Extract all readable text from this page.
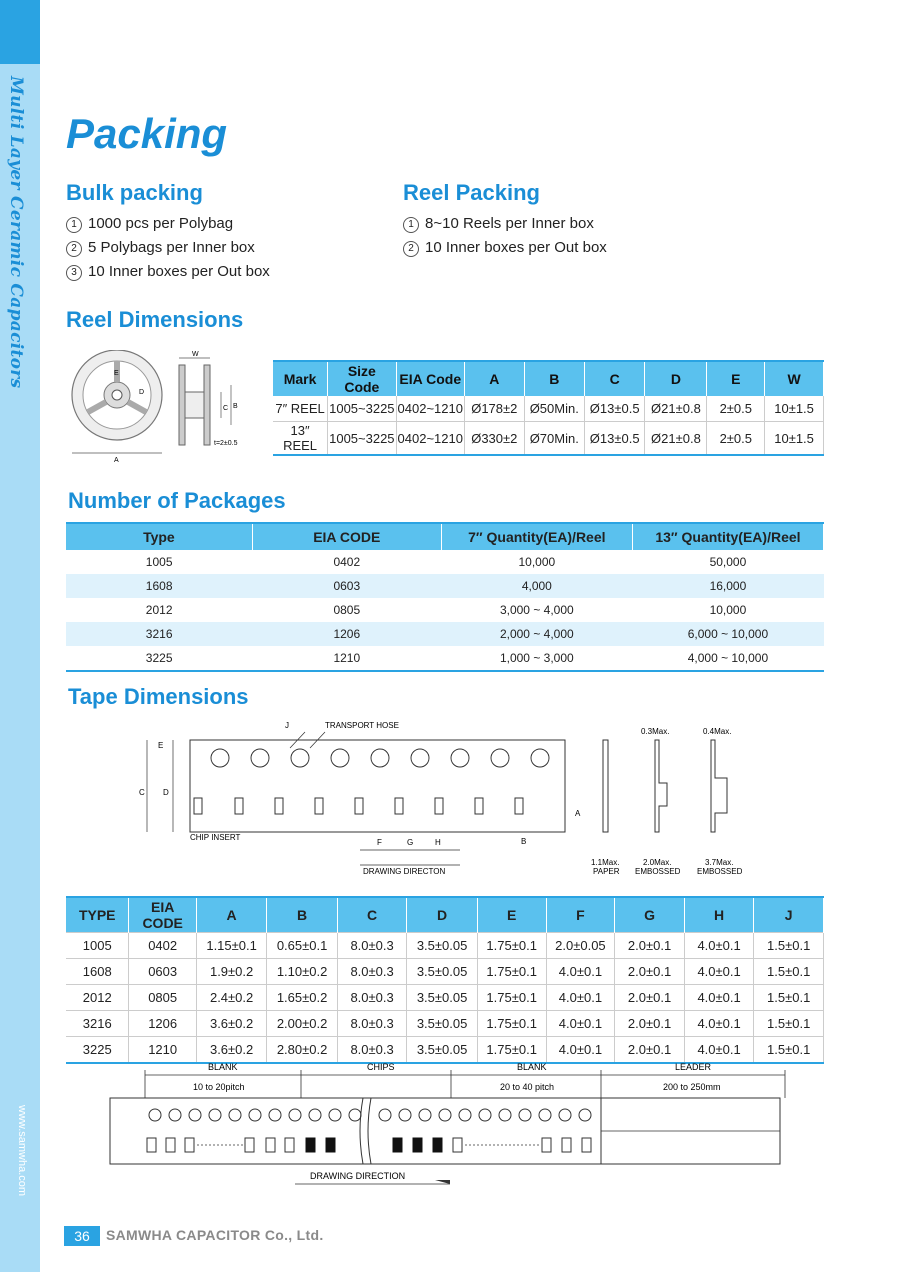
Multi Layer Ceramic Capacitors
www.samwha.com
Packing
Bulk packing
1 1000 pcs per Polybag
2 5 Polybags per Inner box
3 10 Inner boxes per Out box
Reel Packing
1 8~10 Reels per Inner box
2 10 Inner boxes per Out box
Reel Dimensions
E
D
A
W
C B
t=2±0.5
Mark	Size Code	EIA Code	A	B	C	D	E	W
7″ REEL	1005~3225	0402~1210	Ø178±2	Ø50Min.	Ø13±0.5	Ø21±0.8	2±0.5	10±1.5
13″ REEL	1005~3225	0402~1210	Ø330±2	Ø70Min.	Ø13±0.5	Ø21±0.8	2±0.5	10±1.5
Number of Packages
Type	EIA CODE	7″ Quantity(EA)/Reel	13″ Quantity(EA)/Reel
1005	0402	10,000	50,000
1608	0603	4,000	16,000
2012	0805	3,000 ~ 4,000	10,000
3216	1206	2,000 ~ 4,000	6,000 ~ 10,000
3225	1210	1,000 ~ 3,000	4,000 ~ 10,000
Tape Dimensions
J	TRANSPORT HOSE
E
C D
A
B
CHIP INSERT
F	G	H
DRAWING DIRECTON
1.1Max.
PAPER
0.3Max.
2.0Max.
EMBOSSED
0.4Max.
3.7Max.
EMBOSSED
TYPE	EIA CODE	A	B	C	D	E	F	G	H	J
1005	0402	1.15±0.1	0.65±0.1	8.0±0.3	3.5±0.05	1.75±0.1	2.0±0.05	2.0±0.1	4.0±0.1	1.5±0.1
1608	0603	1.9±0.2	1.10±0.2	8.0±0.3	3.5±0.05	1.75±0.1	4.0±0.1	2.0±0.1	4.0±0.1	1.5±0.1
2012	0805	2.4±0.2	1.65±0.2	8.0±0.3	3.5±0.05	1.75±0.1	4.0±0.1	2.0±0.1	4.0±0.1	1.5±0.1
3216	1206	3.6±0.2	2.00±0.2	8.0±0.3	3.5±0.05	1.75±0.1	4.0±0.1	2.0±0.1	4.0±0.1	1.5±0.1
3225	1210	3.6±0.2	2.80±0.2	8.0±0.3	3.5±0.05	1.75±0.1	4.0±0.1	2.0±0.1	4.0±0.1	1.5±0.1
BLANK	CHIPS	BLANK	LEADER
10 to 20pitch	20 to 40 pitch	200 to 250mm
DRAWING DIRECTION
36	SAMWHA CAPACITOR Co., Ltd.
